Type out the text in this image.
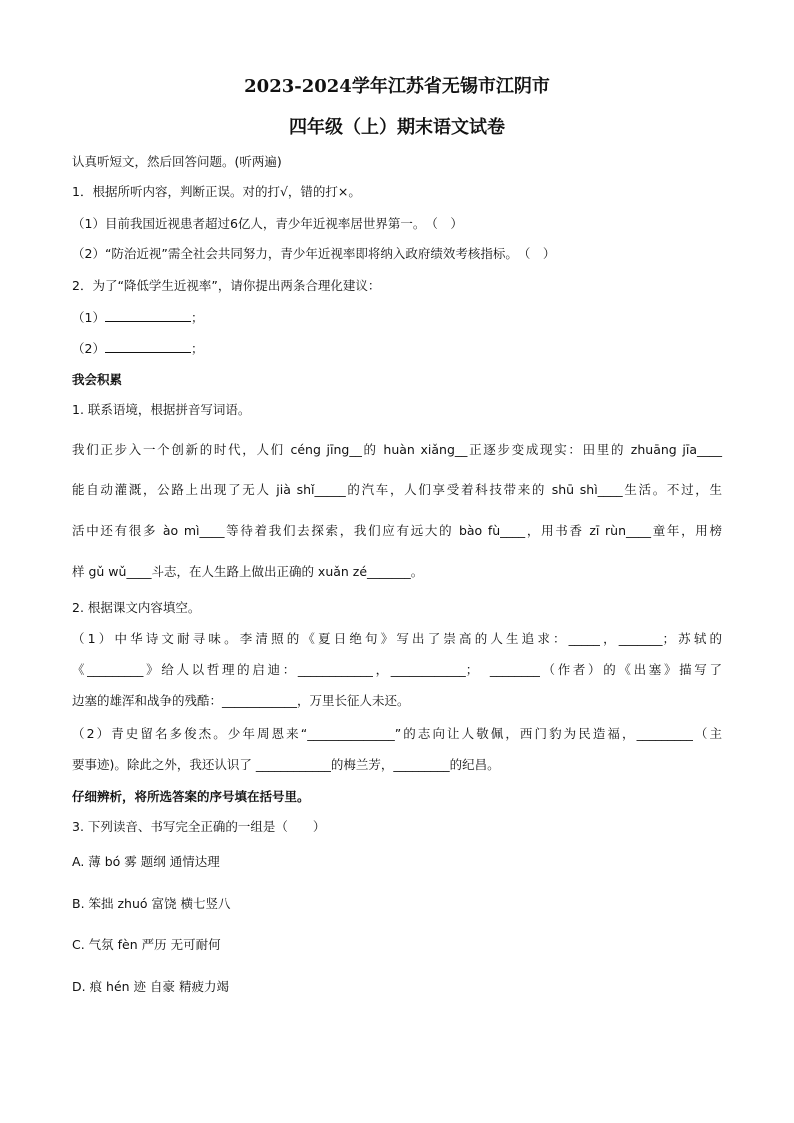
2023-2024学年江苏省无锡市江阴市
四年级（上）期末语文试卷
认真听短文，然后回答问题。(听两遍)
1．根据所听内容，判断正误。对的打√，错的打×。
（1）目前我国近视患者超过6亿人，青少年近视率居世界第一。　（　）
（2）“防治近视”需全社会共同努力，青少年近视率即将纳入政府绩效考核指标。　（　）
2．为了“降低学生近视率”，请你提出两条合理化建议：
（1）	；
（2）	；
我会积累
1. 联系语境，根据拼音写词语。
我们正步入一个创新的时代，人们 céng jīng__的 huàn xiǎng__正逐步变成现实：田里的 zhuāng jīa____
能自动灌溉，公路上出现了无人 jià shǐ_____的汽车，人们享受着科技带来的 shū shì____生活。不过，生
活中还有很多 ào mì____等待着我们去探索，我们应有远大的 bào fù____，用书香 zī rùn____童年，用榜
样 gǔ wǔ____斗志，在人生路上做出正确的 xuǎn zé_______。
2. 根据课文内容填空。
（1）中华诗文耐寻味。李清照的《夏日绝句》写出了崇高的人生追求：_____，_______；苏轼的
《_________》给人以哲理的启迪：____________，____________；　________（作者）的《出塞》描写了
边塞的雄浑和战争的残酷：____________，万里长征人未还。
（2）青史留名多俊杰。少年周恩来“______________”的志向让人敬佩，西门豹为民造福，_________（主
要事迹)。除此之外，我还认识了 ____________的梅兰芳，_________的纪昌。
仔细辨析，将所选答案的序号填在括号里。
3. 下列读音、书写完全正确的一组是（　　）
A. 薄 bó 雾 题纲 通情达理
B. 笨拙 zhuó 富饶 横七竖八
C. 气氛 fèn 严历 无可耐何
D. 痕 hén 迹 自豪 精疲力竭
